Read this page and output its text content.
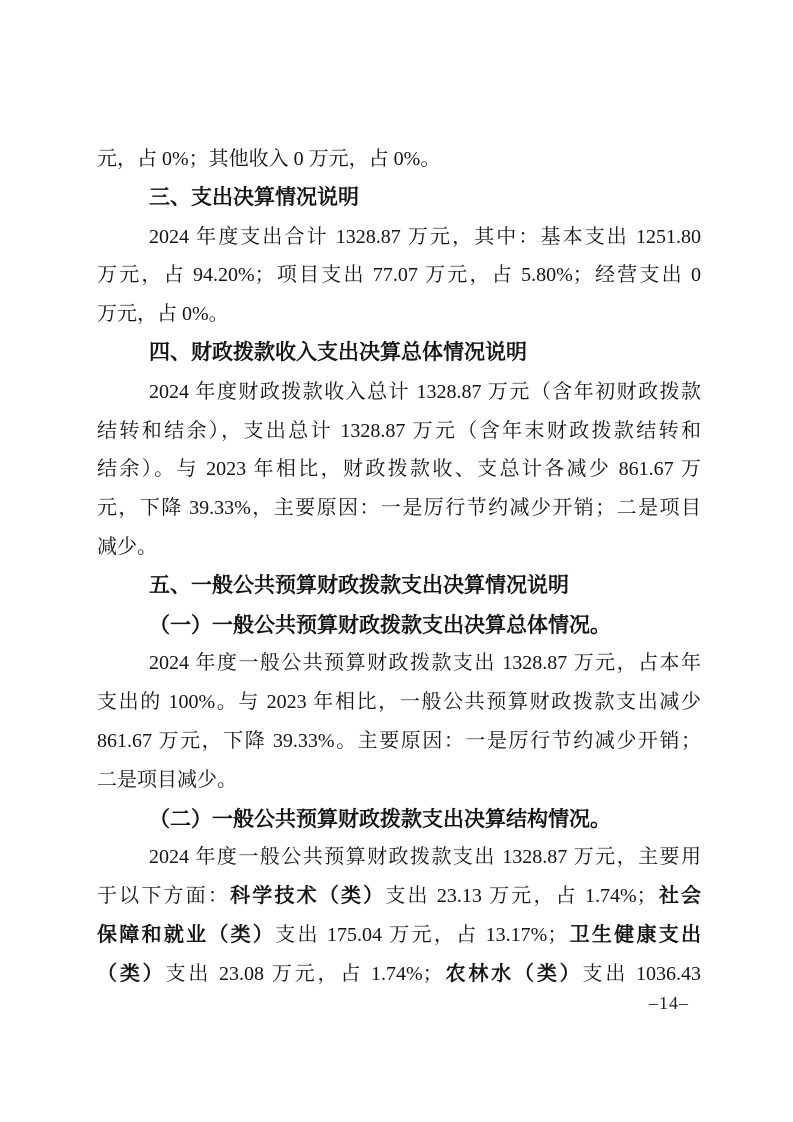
元，占 0%；其他收入 0 万元，占 0%。
三、支出决算情况说明
2024 年度支出合计 1328.87 万元，其中：基本支出 1251.80
万元，占 94.20%；项目支出 77.07 万元，占 5.80%；经营支出 0
万元，占 0%。
四、财政拨款收入支出决算总体情况说明
2024 年度财政拨款收入总计 1328.87 万元（含年初财政拨款
结转和结余），支出总计 1328.87 万元（含年末财政拨款结转和
结余）。与 2023 年相比，财政拨款收、支总计各减少 861.67 万
元，下降 39.33%，主要原因：一是厉行节约减少开销；二是项目
减少。
五、一般公共预算财政拨款支出决算情况说明
（一）一般公共预算财政拨款支出决算总体情况。
2024 年度一般公共预算财政拨款支出 1328.87 万元，占本年
支出的 100%。与 2023 年相比，一般公共预算财政拨款支出减少
861.67 万元，下降 39.33%。主要原因：一是厉行节约减少开销；
二是项目减少。
（二）一般公共预算财政拨款支出决算结构情况。
2024 年度一般公共预算财政拨款支出 1328.87 万元，主要用
于以下方面：科学技术（类）支出 23.13 万元，占 1.74%；社会
保障和就业（类）支出 175.04 万元，占 13.17%；卫生健康支出
（类）支出 23.08 万元，占 1.74%；农林水（类）支出 1036.43
–14–
